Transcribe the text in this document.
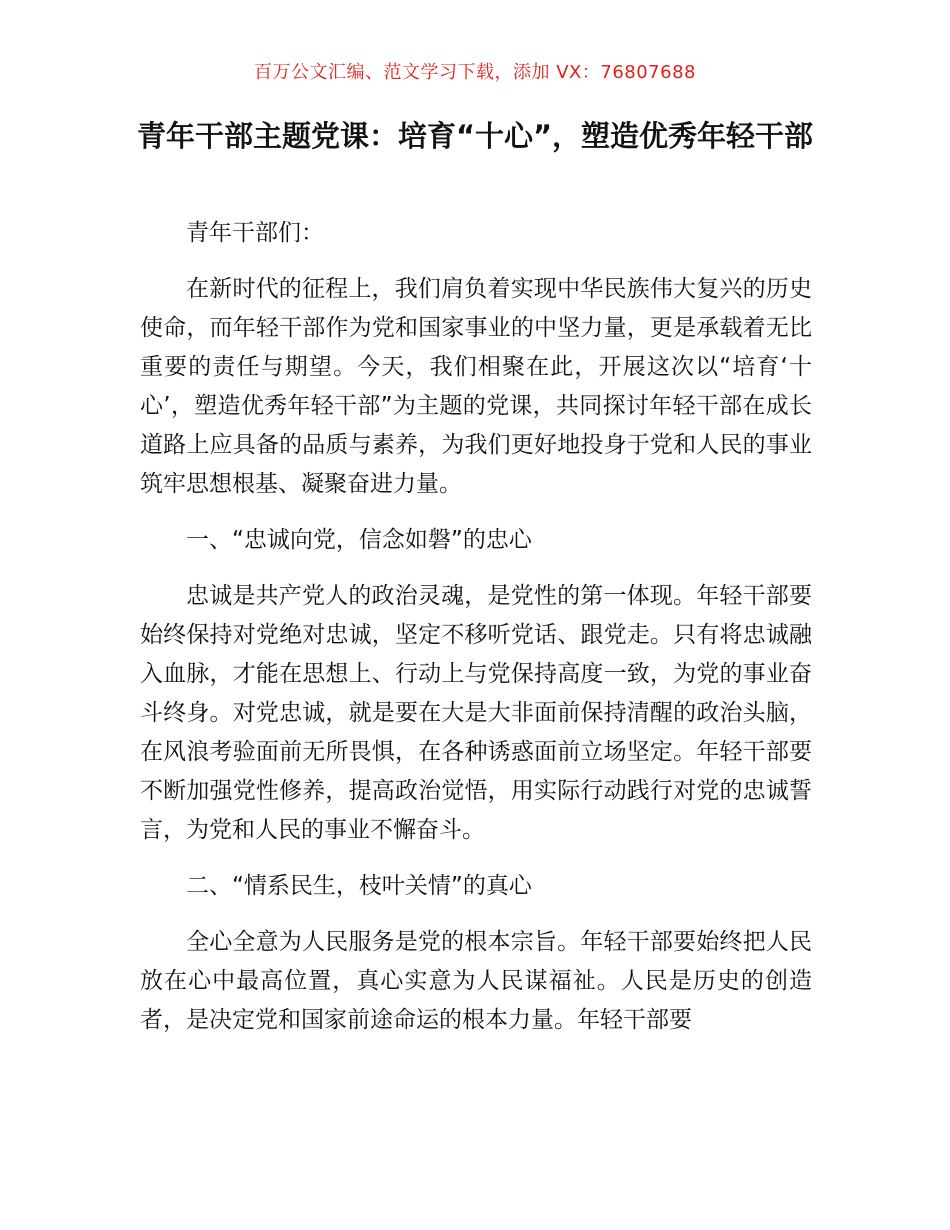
百万公文汇编、范文学习下载，添加 VX：76807688
青年干部主题党课：培育“十心”，塑造优秀年轻干部

青年干部们：

在新时代的征程上，我们肩负着实现中华民族伟大复兴的历史使命，而年轻干部作为党和国家事业的中坚力量，更是承载着无比重要的责任与期望。今天，我们相聚在此，开展这次以“培育‘十心’，塑造优秀年轻干部”为主题的党课，共同探讨年轻干部在成长道路上应具备的品质与素养，为我们更好地投身于党和人民的事业筑牢思想根基、凝聚奋进力量。

一、“忠诚向党，信念如磐”的忠心

忠诚是共产党人的政治灵魂，是党性的第一体现。年轻干部要始终保持对党绝对忠诚，坚定不移听党话、跟党走。只有将忠诚融入血脉，才能在思想上、行动上与党保持高度一致，为党的事业奋斗终身。对党忠诚，就是要在大是大非面前保持清醒的政治头脑，在风浪考验面前无所畏惧，在各种诱惑面前立场坚定。年轻干部要不断加强党性修养，提高政治觉悟，用实际行动践行对党的忠诚誓言，为党和人民的事业不懈奋斗。

二、“情系民生，枝叶关情”的真心

全心全意为人民服务是党的根本宗旨。年轻干部要始终把人民放在心中最高位置，真心实意为人民谋福祉。人民是历史的创造者，是决定党和国家前途命运的根本力量。年轻干部要
